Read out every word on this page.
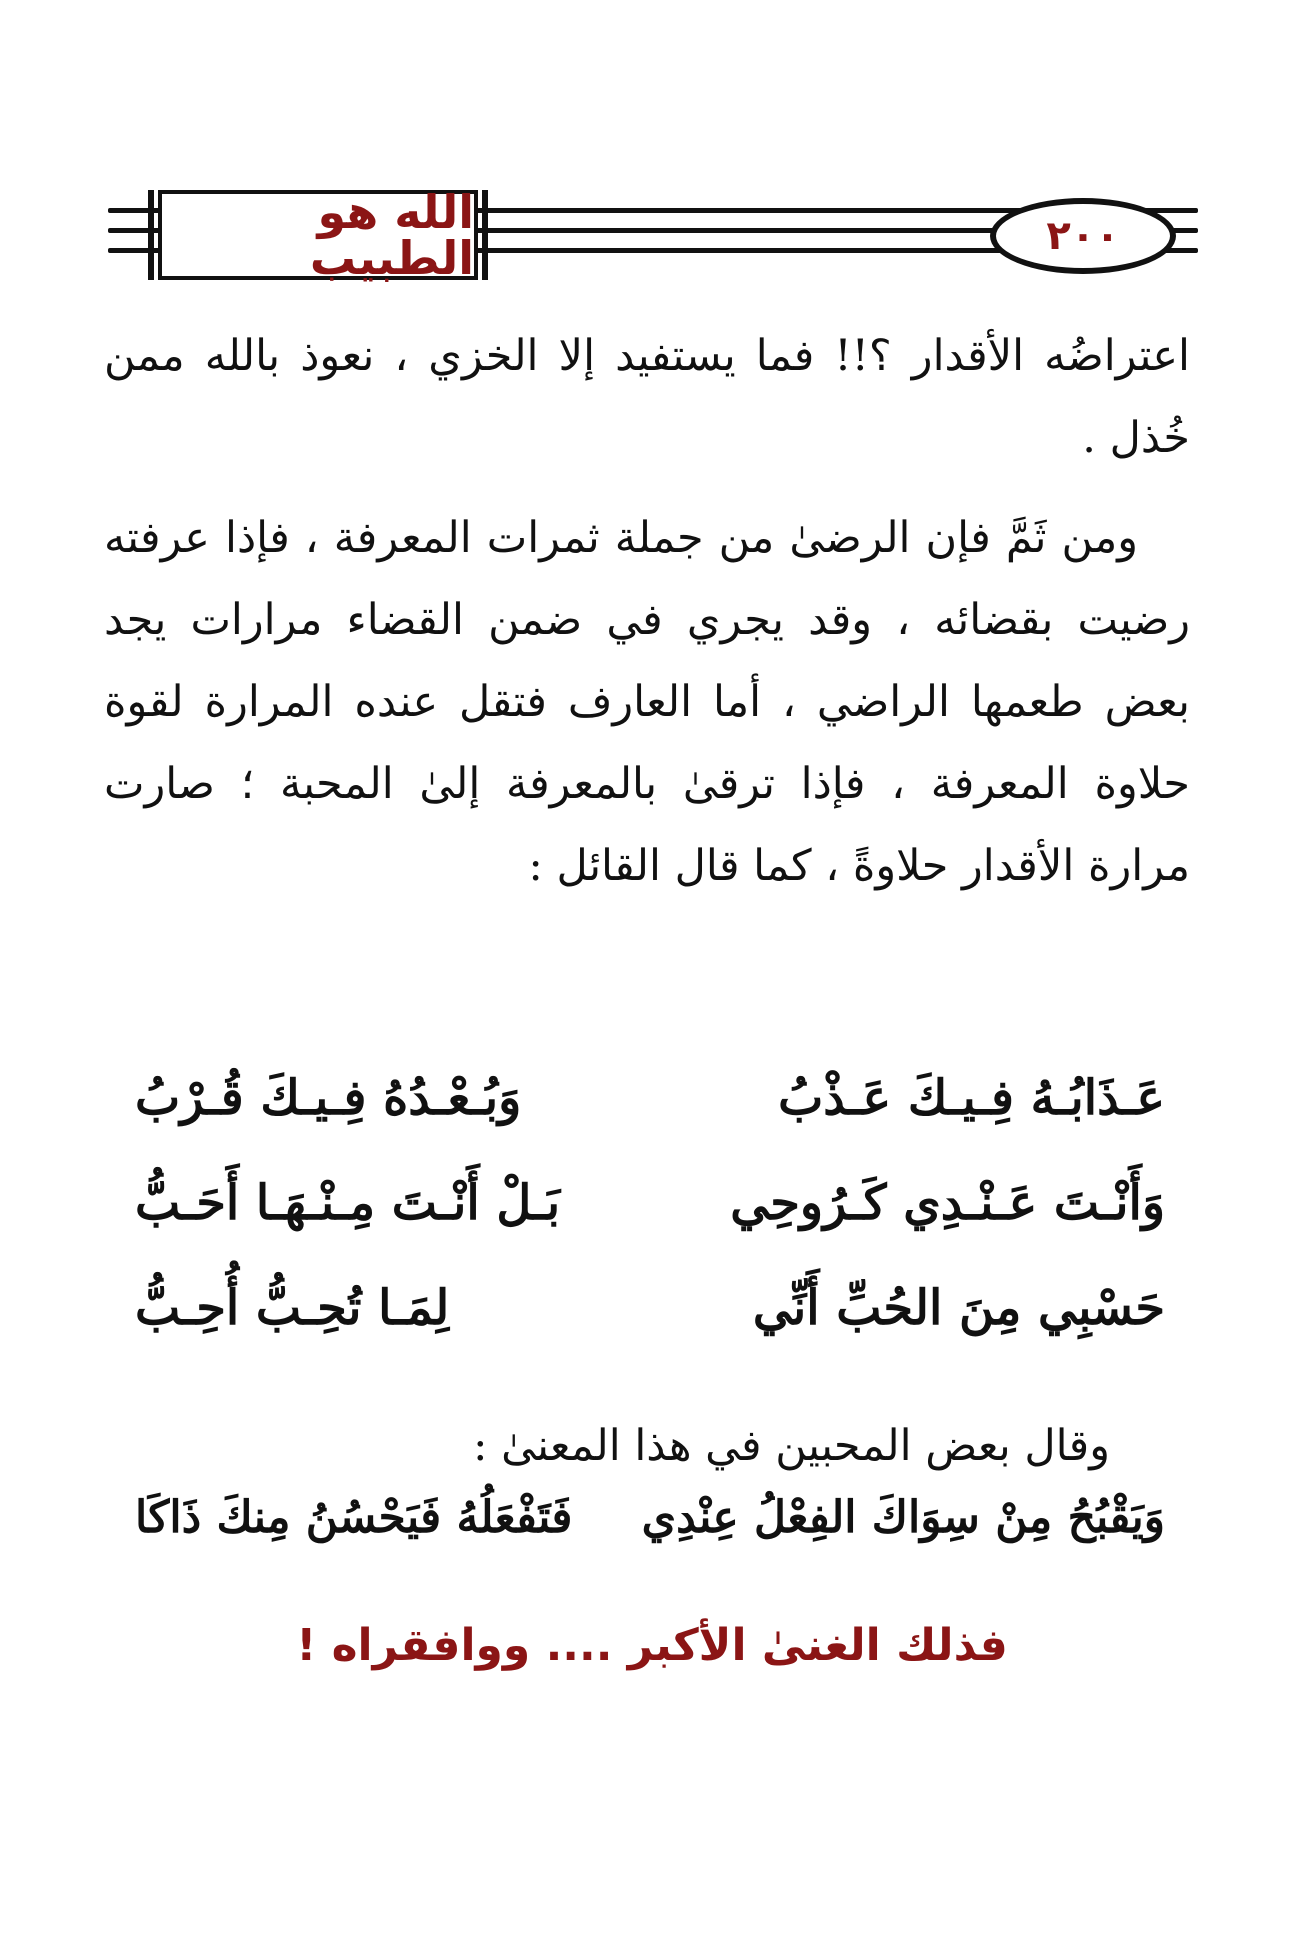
الله هو الطبيب	٢٠٠

اعتراضُه الأقدار ؟!! فما يستفيد إلا الخزي ، نعوذ بالله ممن خُذل .

ومن ثَمَّ فإن الرضىٰ من جملة ثمرات المعرفة ، فإذا عرفته رضيت بقضائه ، وقد يجري في ضمن القضاء مرارات يجد بعض طعمها الراضي ، أما العارف فتقل عنده المرارة لقوة حلاوة المعرفة ، فإذا ترقىٰ بالمعرفة إلىٰ المحبة ؛ صارت مرارة الأقدار حلاوةً ، كما قال القائل :

عَـذَابُـهُ فِـيـكَ عَـذْبُ
وَبُـعْـدُهُ فِـيـكَ قُـرْبُ
وَأَنْـتَ عَـنْـدِي كَـرُوحِي
بَـلْ أَنْـتَ مِـنْـهَـا أَحَـبُّ
حَسْبِي مِنَ الحُبِّ أَنِّي
لِمَـا تُحِـبُّ أُحِـبُّ
وقال بعض المحبين في هذا المعنىٰ :
وَيَقْبُحُ مِنْ سِوَاكَ الفِعْلُ عِنْدِي
فَتَفْعَلُهُ فَيَحْسُنُ مِنكَ ذَاكَا
فذلك الغنىٰ الأكبر .... ووافقراه !
